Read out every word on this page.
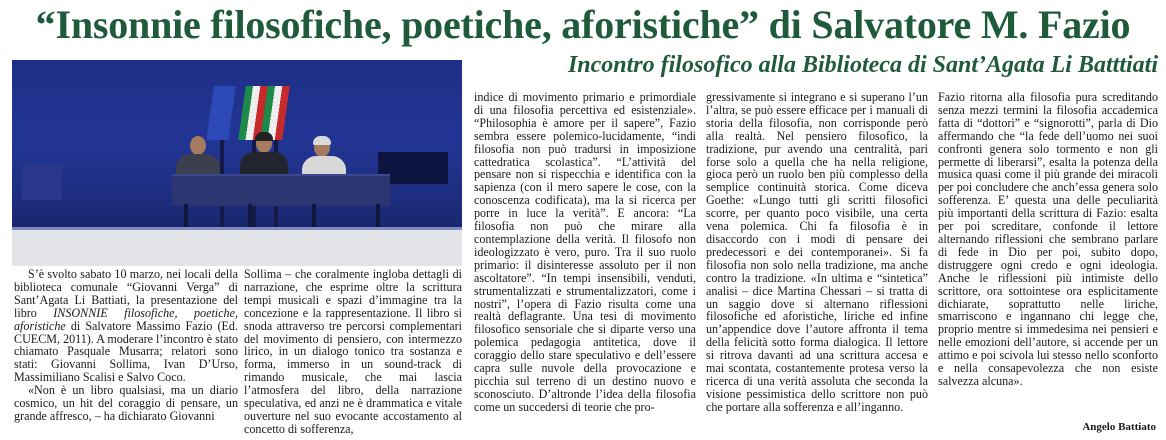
“Insonnie filosofiche, poetiche, aforistiche” di Salvatore M. Fazio
Incontro filosofico alla Biblioteca di Sant’Agata Li Batttiati

S’è svolto sabato 10 marzo, nei locali della biblioteca comunale “Giovanni Verga” di Sant’Agata Li Battiati, la presentazione del libro INSONNIE filosofiche, poetiche, aforistiche di Salvatore Massimo Fazio (Ed. CUECM, 2011). A moderare l’incontro è stato chiamato Pasquale Musarra; relatori sono stati: Giovanni Sollima, Ivan D’Urso, Massimiliano Scalisi e Salvo Coco.

«Non è un libro qualsiasi, ma un diario cosmico, un hit del coraggio di pensare, un grande affresco, – ha dichiarato Giovanni

Sollima – che coralmente ingloba dettagli di narrazione, che esprime oltre la scrittura tempi musicali e spazi d’immagine tra la concezione e la rappresentazione. Il libro si snoda attraverso tre percorsi complementari del movimento di pensiero, con intermezzo lirico, in un dialogo tonico tra sostanza e forma, immerso in un sound-track di rimando musicale, che mai lascia l’atmosfera del libro, della narrazione speculativa, ed anzi ne è drammatica e vitale ouverture nel suo evocante accostamento al concetto di sofferenza,

indice di movimento primario e primordiale di una filosofia percettiva ed esistenziale». “Philosophia è amore per il sapere”, Fazio sembra essere polemico-lucidamente, “indi filosofia non può tradursi in imposizione cattedratica scolastica”. “L’attività del pensare non si rispecchia e identifica con la sapienza (con il mero sapere le cose, con la conoscenza codificata), ma la si ricerca per porre in luce la verità”. E ancora: “La filosofia non può che mirare alla contemplazione della verità. Il filosofo non ideologizzato è vero, puro. Tra il suo ruolo primario: il disinteresse assoluto per il non ascoltatore”. “In tempi insensibili, venduti, strumentalizzati e strumentalizzatori, come i nostri”, l’opera di Fazio risulta come una realtà deflagrante. Una tesi di movimento filosofico sensoriale che si diparte verso una polemica pedagogia antitetica, dove il coraggio dello stare speculativo e dell’essere capra sulle nuvole della provocazione e picchia sul terreno di un destino nuovo e sconosciuto. D’altronde l’idea della filosofia come un succedersi di teorie che pro-

gressivamente si integrano e si superano l’un l’altra, se può essere efficace per i manuali di storia della filosofia, non corrisponde però alla realtà. Nel pensiero filosofico, la tradizione, pur avendo una centralità, pari forse solo a quella che ha nella religione, gioca però un ruolo ben più complesso della semplice continuità storica. Come diceva Goethe: «Lungo tutti gli scritti filosofici scorre, per quanto poco visibile, una certa vena polemica. Chi fa filosofia è in disaccordo con i modi di pensare dei predecessori e dei contemporanei». Si fa filosofia non solo nella tradizione, ma anche contro la tradizione. «In ultima e “sintetica” analisi – dice Martina Chessari – si tratta di un saggio dove si alternano riflessioni filosofiche ed aforistiche, liriche ed infine un’appendice dove l’autore affronta il tema della felicità sotto forma dialogica. Il lettore si ritrova davanti ad una scrittura accesa e mai scontata, costantemente protesa verso la ricerca di una verità assoluta che seconda la visione pessimistica dello scrittore non può che portare alla sofferenza e all’inganno.

Fazio ritorna alla filosofia pura screditando senza mezzi termini la filosofia accademica fatta di “dottori” e “signorotti”, parla di Dio affermando che “la fede dell’uomo nei suoi confronti genera solo tormento e non gli permette di liberarsi”, esalta la potenza della musica quasi come il più grande dei miracoli per poi concludere che anch’essa genera solo sofferenza. E’ questa una delle peculiarità più importanti della scrittura di Fazio: esalta per poi screditare, confonde il lettore alternando riflessioni che sembrano parlare di fede in Dio per poi, subito dopo, distruggere ogni credo e ogni ideologia. Anche le riflessioni più intimiste dello scrittore, ora sottointese ora esplicitamente dichiarate, soprattutto nelle liriche, smarriscono e ingannano chi legge che, proprio mentre si immedesima nei pensieri e nelle emozioni dell’autore, si accende per un attimo e poi scivola lui stesso nello sconforto e nella consapevolezza che non esiste salvezza alcuna».

Angelo Battiato
